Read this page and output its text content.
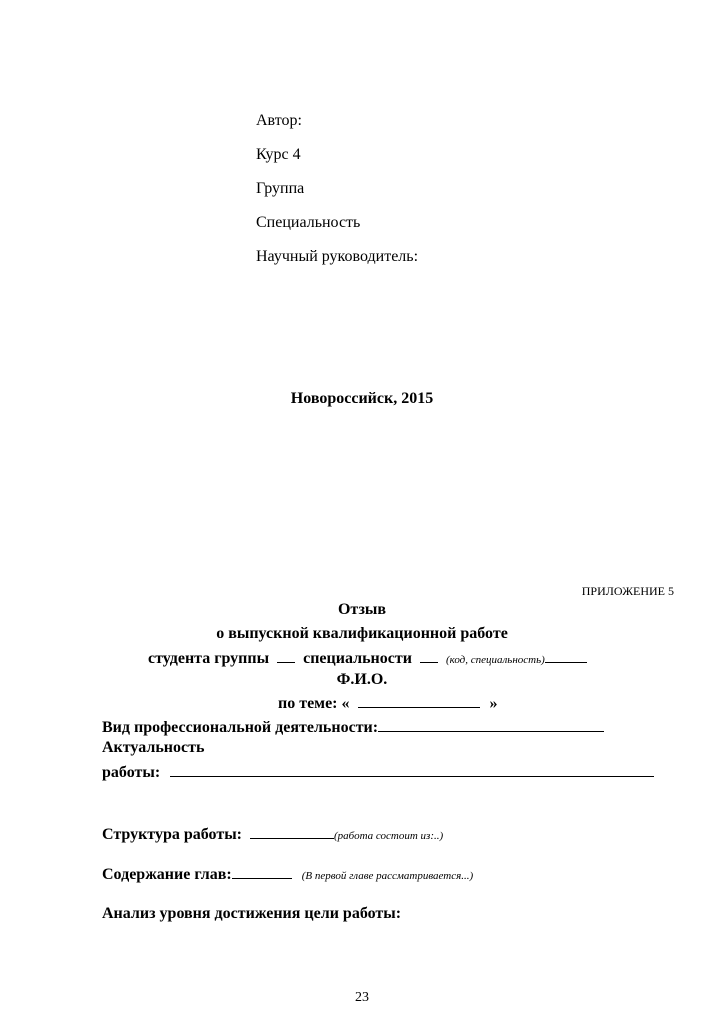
Автор:
Курс 4
Группа
Специальность
Научный руководитель:
Новороссийск, 2015
ПРИЛОЖЕНИЕ 5
Отзыв
о выпускной квалификационной работе
студента группы специальности	(код, специальность)
Ф.И.О.
по теме: «	»
Вид профессиональной деятельности:
Актуальность
работы:
Структура работы:	(работа состоит из:..)
Содержание глав:	(В первой главе рассматривается...)
Анализ уровня достижения цели работы:
23
